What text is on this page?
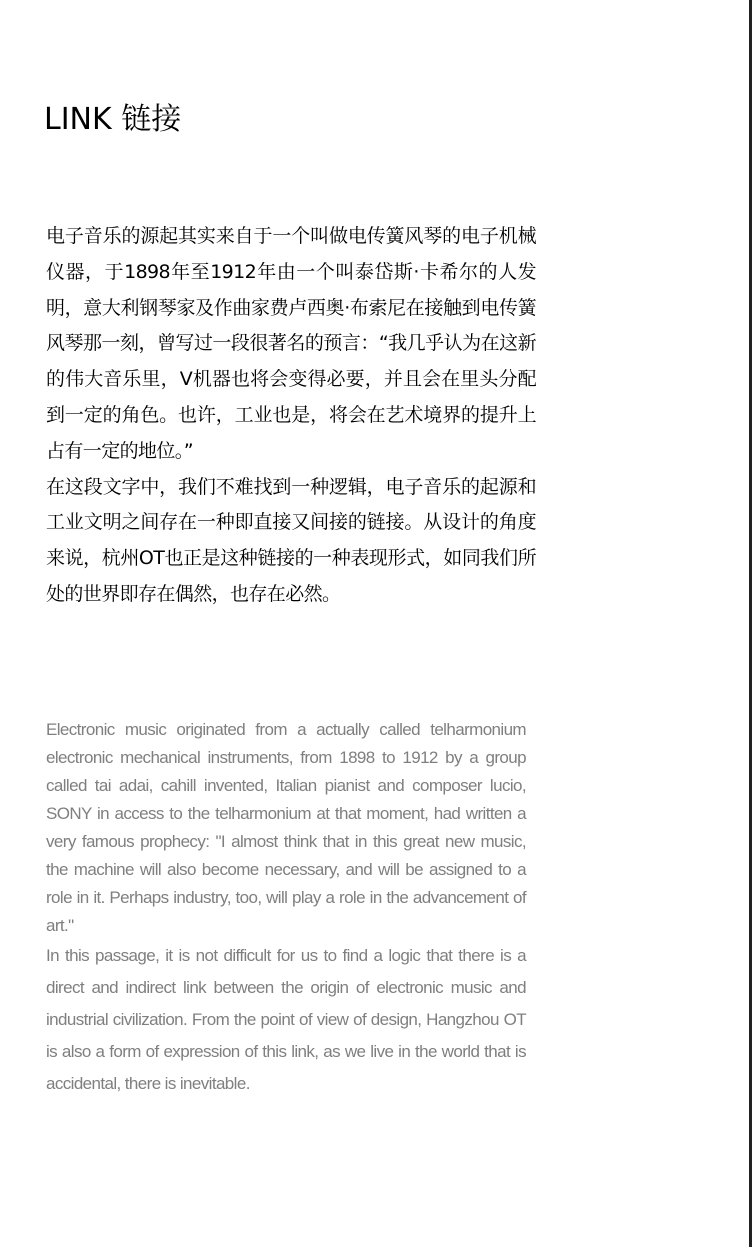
LINK 链接

电子音乐的源起其实来自于一个叫做电传簧风琴的电子机械仪器，于1898年至1912年由一个叫泰岱斯·卡希尔的人发明，意大利钢琴家及作曲家费卢西奥·布索尼在接触到电传簧风琴那一刻，曾写过一段很著名的预言：“我几乎认为在这新的伟大音乐里，V机器也将会变得必要，并且会在里头分配到一定的角色。也许，工业也是，将会在艺术境界的提升上占有一定的地位。”

在这段文字中，我们不难找到一种逻辑，电子音乐的起源和工业文明之间存在一种即直接又间接的链接。从设计的角度来说，杭州OT也正是这种链接的一种表现形式，如同我们所处的世界即存在偶然，也存在必然。

Electronic music originated from a actually called telharmonium electronic mechanical instruments, from 1898 to 1912 by a group called tai adai, cahill invented, Italian pianist and composer lucio, SONY in access to the telharmonium at that moment, had written a very famous prophecy: "I almost think that in this great new music, the machine will also become necessary, and will be assigned to a role in it. Perhaps industry, too, will play a role in the advancement of art."

In this passage, it is not difficult for us to find a logic that there is a direct and indirect link between the origin of electronic music and industrial civilization. From the point of view of design, Hangzhou OT is also a form of expression of this link, as we live in the world that is accidental, there is inevitable.
